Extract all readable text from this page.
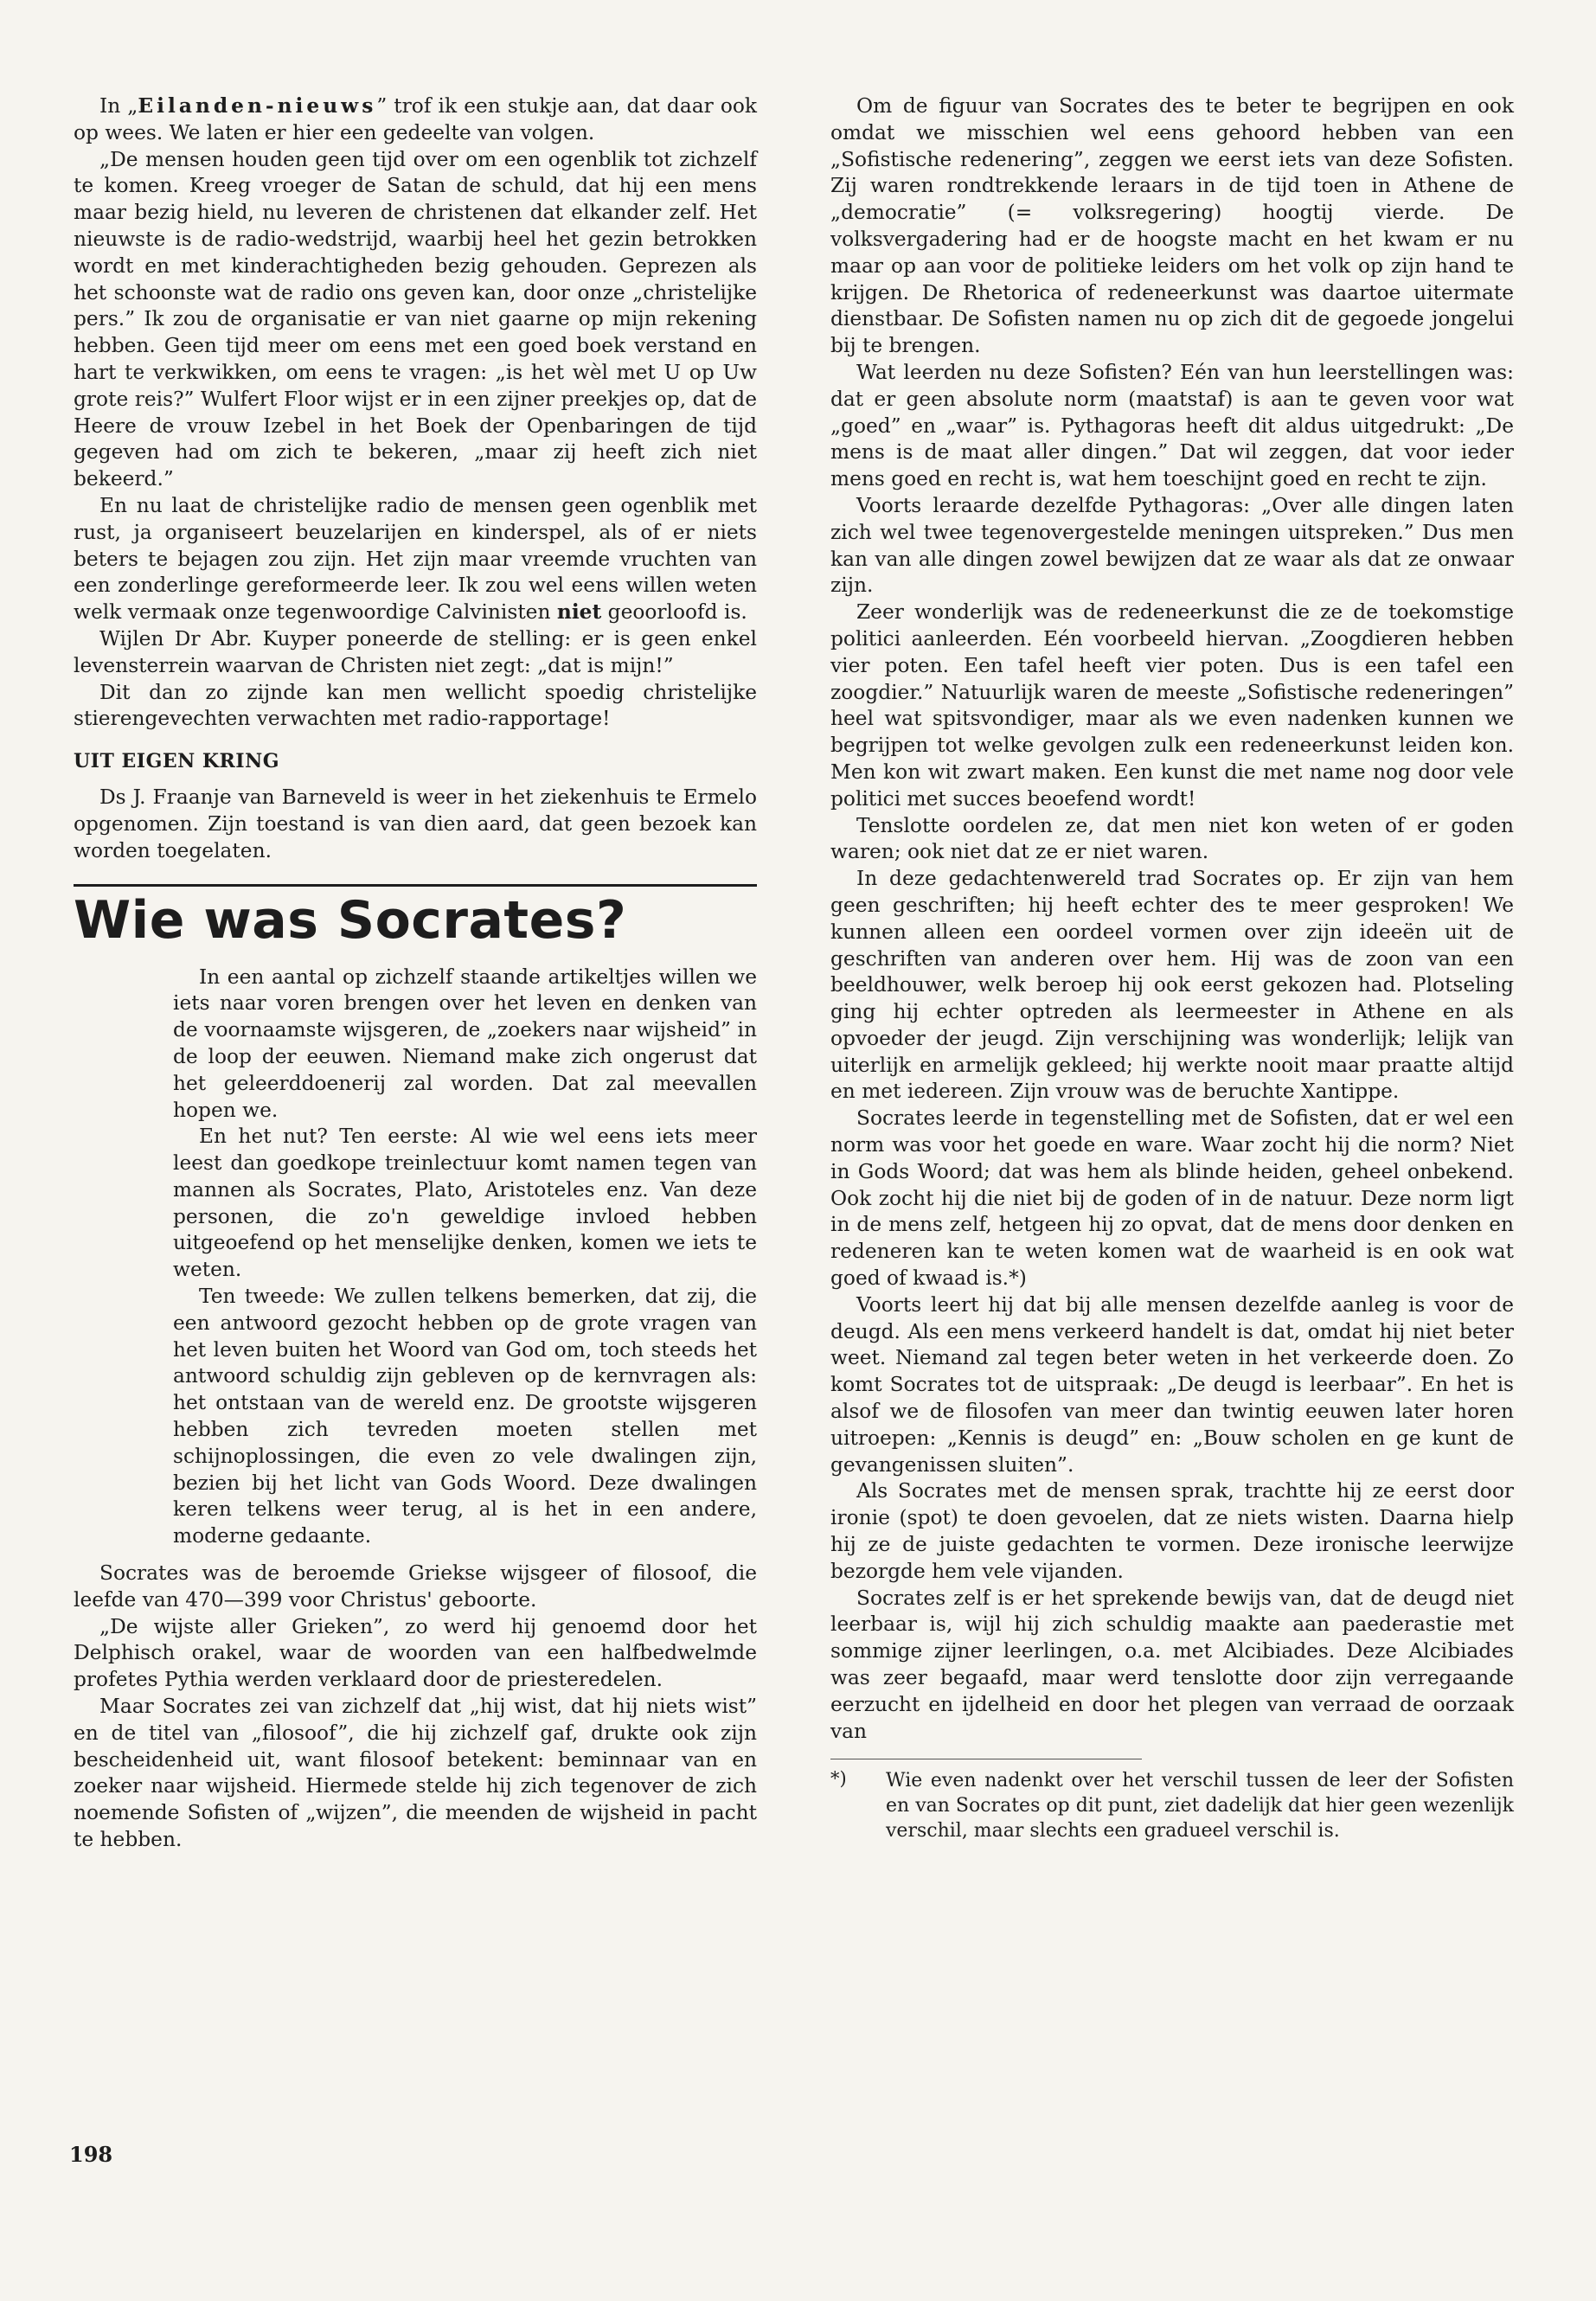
In „Eilanden-nieuws” trof ik een stukje aan, dat daar ook op wees. We laten er hier een gedeelte van volgen.

„De mensen houden geen tijd over om een ogenblik tot zichzelf te komen. Kreeg vroeger de Satan de schuld, dat hij een mens maar bezig hield, nu leveren de christenen dat elkander zelf. Het nieuwste is de radio-wedstrijd, waarbij heel het gezin betrokken wordt en met kinderachtigheden bezig gehouden. Geprezen als het schoonste wat de radio ons geven kan, door onze „christelijke pers.” Ik zou de organisatie er van niet gaarne op mijn rekening hebben. Geen tijd meer om eens met een goed boek verstand en hart te verkwikken, om eens te vragen: „is het wèl met U op Uw grote reis?” Wulfert Floor wijst er in een zijner preekjes op, dat de Heere de vrouw Izebel in het Boek der Openbaringen de tijd gegeven had om zich te bekeren, „maar zij heeft zich niet bekeerd.”

En nu laat de christelijke radio de mensen geen ogenblik met rust, ja organiseert beuzelarijen en kinderspel, als of er niets beters te bejagen zou zijn. Het zijn maar vreemde vruchten van een zonderlinge gereformeerde leer. Ik zou wel eens willen weten welk vermaak onze tegenwoordige Calvinisten niet geoorloofd is.

Wijlen Dr Abr. Kuyper poneerde de stelling: er is geen enkel levensterrein waarvan de Christen niet zegt: „dat is mijn!”

Dit dan zo zijnde kan men wellicht spoedig christelijke stierengevechten verwachten met radio-rapportage!

UIT EIGEN KRING

Ds J. Fraanje van Barneveld is weer in het ziekenhuis te Ermelo opgenomen. Zijn toestand is van dien aard, dat geen bezoek kan worden toegelaten.

Wie was Socrates?

In een aantal op zichzelf staande artikeltjes willen we iets naar voren brengen over het leven en denken van de voornaamste wijsgeren, de „zoekers naar wijsheid” in de loop der eeuwen. Niemand make zich ongerust dat het geleerddoenerij zal worden. Dat zal meevallen hopen we.

En het nut? Ten eerste: Al wie wel eens iets meer leest dan goedkope treinlectuur komt namen tegen van mannen als Socrates, Plato, Aristoteles enz. Van deze personen, die zo'n geweldige invloed hebben uitgeoefend op het menselijke denken, komen we iets te weten.

Ten tweede: We zullen telkens bemerken, dat zij, die een antwoord gezocht hebben op de grote vragen van het leven buiten het Woord van God om, toch steeds het antwoord schuldig zijn gebleven op de kernvragen als: het ontstaan van de wereld enz. De grootste wijsgeren hebben zich tevreden moeten stellen met schijnoplossingen, die even zo vele dwalingen zijn, bezien bij het licht van Gods Woord. Deze dwalingen keren telkens weer terug, al is het in een andere, moderne gedaante.

Socrates was de beroemde Griekse wijsgeer of filosoof, die leefde van 470—399 voor Christus' geboorte.

„De wijste aller Grieken”, zo werd hij genoemd door het Delphisch orakel, waar de woorden van een halfbedwelmde profetes Pythia werden verklaard door de priesteredelen.

Maar Socrates zei van zichzelf dat „hij wist, dat hij niets wist” en de titel van „filosoof”, die hij zichzelf gaf, drukte ook zijn bescheidenheid uit, want filosoof betekent: beminnaar van en zoeker naar wijsheid. Hiermede stelde hij zich tegenover de zich noemende Sofisten of „wijzen”, die meenden de wijsheid in pacht te hebben.

Om de figuur van Socrates des te beter te begrijpen en ook omdat we misschien wel eens gehoord hebben van een „Sofistische redenering”, zeggen we eerst iets van deze Sofisten. Zij waren rondtrekkende leraars in de tijd toen in Athene de „democratie” (= volksregering) hoogtij vierde. De volksvergadering had er de hoogste macht en het kwam er nu maar op aan voor de politieke leiders om het volk op zijn hand te krijgen. De Rhetorica of redeneerkunst was daartoe uitermate dienstbaar. De Sofisten namen nu op zich dit de gegoede jongelui bij te brengen.

Wat leerden nu deze Sofisten? Eén van hun leerstellingen was: dat er geen absolute norm (maatstaf) is aan te geven voor wat „goed” en „waar” is. Pythagoras heeft dit aldus uitgedrukt: „De mens is de maat aller dingen.” Dat wil zeggen, dat voor ieder mens goed en recht is, wat hem toeschijnt goed en recht te zijn.

Voorts leraarde dezelfde Pythagoras: „Over alle dingen laten zich wel twee tegenovergestelde meningen uitspreken.” Dus men kan van alle dingen zowel bewijzen dat ze waar als dat ze onwaar zijn.

Zeer wonderlijk was de redeneerkunst die ze de toekomstige politici aanleerden. Eén voorbeeld hiervan. „Zoogdieren hebben vier poten. Een tafel heeft vier poten. Dus is een tafel een zoogdier.” Natuurlijk waren de meeste „Sofistische redeneringen” heel wat spitsvondiger, maar als we even nadenken kunnen we begrijpen tot welke gevolgen zulk een redeneerkunst leiden kon. Men kon wit zwart maken. Een kunst die met name nog door vele politici met succes beoefend wordt!

Tenslotte oordelen ze, dat men niet kon weten of er goden waren; ook niet dat ze er niet waren.

In deze gedachtenwereld trad Socrates op. Er zijn van hem geen geschriften; hij heeft echter des te meer gesproken! We kunnen alleen een oordeel vormen over zijn ideeën uit de geschriften van anderen over hem. Hij was de zoon van een beeldhouwer, welk beroep hij ook eerst gekozen had. Plotseling ging hij echter optreden als leermeester in Athene en als opvoeder der jeugd. Zijn verschijning was wonderlijk; lelijk van uiterlijk en armelijk gekleed; hij werkte nooit maar praatte altijd en met iedereen. Zijn vrouw was de beruchte Xantippe.

Socrates leerde in tegenstelling met de Sofisten, dat er wel een norm was voor het goede en ware. Waar zocht hij die norm? Niet in Gods Woord; dat was hem als blinde heiden, geheel onbekend. Ook zocht hij die niet bij de goden of in de natuur. Deze norm ligt in de mens zelf, hetgeen hij zo opvat, dat de mens door denken en redeneren kan te weten komen wat de waarheid is en ook wat goed of kwaad is.*)

Voorts leert hij dat bij alle mensen dezelfde aanleg is voor de deugd. Als een mens verkeerd handelt is dat, omdat hij niet beter weet. Niemand zal tegen beter weten in het verkeerde doen. Zo komt Socrates tot de uitspraak: „De deugd is leerbaar”. En het is alsof we de filosofen van meer dan twintig eeuwen later horen uitroepen: „Kennis is deugd” en: „Bouw scholen en ge kunt de gevangenissen sluiten”.

Als Socrates met de mensen sprak, trachtte hij ze eerst door ironie (spot) te doen gevoelen, dat ze niets wisten. Daarna hielp hij ze de juiste gedachten te vormen. Deze ironische leerwijze bezorgde hem vele vijanden.

Socrates zelf is er het sprekende bewijs van, dat de deugd niet leerbaar is, wijl hij zich schuldig maakte aan paederastie met sommige zijner leerlingen, o.a. met Alcibiades. Deze Alcibiades was zeer begaafd, maar werd tenslotte door zijn verregaande eerzucht en ijdelheid en door het plegen van verraad de oorzaak van

*) Wie even nadenkt over het verschil tussen de leer der Sofisten en van Socrates op dit punt, ziet dadelijk dat hier geen wezenlijk verschil, maar slechts een gradueel verschil is.

198
